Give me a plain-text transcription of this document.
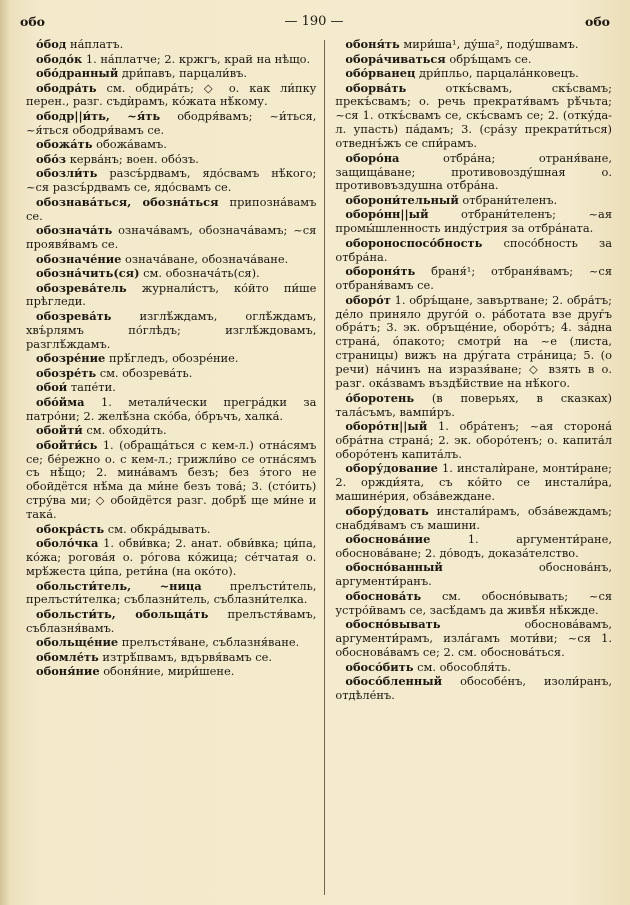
обо	— 190 —	обо

о́бод на́платъ.

ободо́к 1. на́платче; 2. кржгъ, край на нѣщо.

обо́дранный дри́павъ, парцали́въ.

ободра́ть см. обдира́ть; ◇ о. как ли́пку перен., разг. съдѝрамъ, ко́жата нѣ́кому.

ободр||и́ть, ~я́ть ободря́вамъ; ~и́ться, ~я́ться ободря́вамъ се.

обожа́ть обожа́вамъ.

обо́з керва́нъ; воен. обо́зъ.

обозли́ть разсъ́рдвамъ, ядо́свамъ нѣ́кого; ~ся разсъ́рдвамъ се, ядо́свамъ се.

обознава́ться, обозна́ться припозна́вамъ се.

обознача́ть означа́вамъ, обознача́вамъ; ~ся проявя́вамъ се.

обозначе́ние означа́ване, обознача́ване.

обозна́чить(ся) см. обознача́ть(ся).

обозрева́тель журнали́стъ, ко́йто пи́ше прѣгледи.

обозрева́ть изглѣ́ждамъ, оглѣ́ждамъ, хвъ́рлямъ по́глѣдъ; изглѣ́ждовамъ, разглѣ́ждамъ.

обозре́ние прѣ́гледъ, обозре́ние.

обозре́ть см. обозрева́ть.

обои́ тапе́ти.

обо́йма 1. метали́чески прегра́дки за патро́ни; 2. желѣ́зна ско́ба, о́бръчъ, халка́.

обойти́ см. обходи́ть.

обойти́сь 1. (обраща́ться с кем-л.) отна́сямъ се; бе́режно о. с кем-л.; грижли́во се отна́сямъ съ нѣ́що; 2. мина́вамъ безъ; без э́того не обойдётся нѣ́ма да ми́не безъ това́; 3. (сто́ить) стру́ва ми; ◇ обойдётся разг. добрѣ́ ще ми́не и така́.

обокра́сть см. обкра́дывать.

оболо́чка 1. обви́вка; 2. анат. обви́вка; ци́па, ко́жа; рогова́я о. ро́гова ко́жица; се́тчатая о. мрѣ́жеста ци́па, рети́на (на око́то).

обольсти́тель, ~ница прелъсти́тель, прелъсти́телка; съблазни́тель, съблазни́телка.

обольсти́ть, обольща́ть прелъстя́вамъ, съблазня́вамъ.

обольще́ние прелъстя́ване, съблазня́ване.

обомле́ть изтрѣ́пвамъ, вдървя́вамъ се.

обоня́ние обоня́ние, мири́шене.

обоня́ть мири́ша¹, ду́ша², поду́швамъ.

обора́чиваться обръ́щамъ се.

обо́рванец дри́пльо, парцала́нковецъ.

оборва́ть	откъ́свамъ, скъ́свамъ; прекъ́свамъ; о. речь прекратя́вамъ рѣ́чьта; ~ся 1. откъ́свамъ се, скъ́свамъ се; 2. (отку́да-л. упасть) па́дамъ; 3. (сра́зу прекрати́ться) отведнъ́жъ се спи́рамъ.

оборо́на	отбра́на; отраня́ване, защища́ване; противовозду́шная о. противовъздушна отбра́на.

оборони́тельный отбрани́теленъ.

оборо́нн||ый	отбрани́теленъ; ~ая промы́шленность инду́стрия за отбра́ната.

обороноспосо́бность спосо́бность за отбра́на.

обороня́ть браня́¹; отбраня́вамъ; ~ся отбраня́вамъ се.

оборо́т 1. обръ́щане, завъртване; 2. обра́тъ; де́ло приняло друго́й о. ра́ботата взе друѓъ обра́тъ; 3. эк. обръще́ние, оборо́тъ; 4. за́дна страна́, о́пакото; смотри́ на ~е (листа, страницы) вижъ на дру́гата стра́ница; 5. (о речи) на́чинъ на изразя́ване; ◇ взять в о. разг. ока́звамъ въздѣ́йствие на нѣ́кого.

о́боротень (в поверьях, в сказках) тала́съмъ, вампи́ръ.

оборо́тн||ый 1. обра́тенъ; ~ая сторона́ обра́тна страна́; 2. эк. оборо́тенъ; о. капита́л оборо́тенъ капита́лъ.

обору́дование 1. инсталѝране, монти́ране; 2. оржди́ята, съ ко́йто се инстали́ра, машине́рия, обза́веждане.

обору́довать инстали́рамъ, обза́веждамъ; снабдя́вамъ съ машини.

обоснова́ние	1. аргументи́ране, обоснова́ване; 2. до́водъ, доказа́телство.

обосно́ванный	обоснова́нъ, аргументи́ранъ.

обоснова́ть см. обосно́вывать; ~ся устро́йвамъ се, засѣ́дамъ да живѣ́я нѣ́кжде.

обосно́вывать	обоснова́вамъ, аргументи́рамъ, изла́гамъ моти́ви; ~ся 1. обоснова́вамъ се; 2. см. обоснова́ться.

обосо́бить см. обособля́ть.

обосо́бленный обособе́нъ, изоли́ранъ, отдѣле́нъ.
